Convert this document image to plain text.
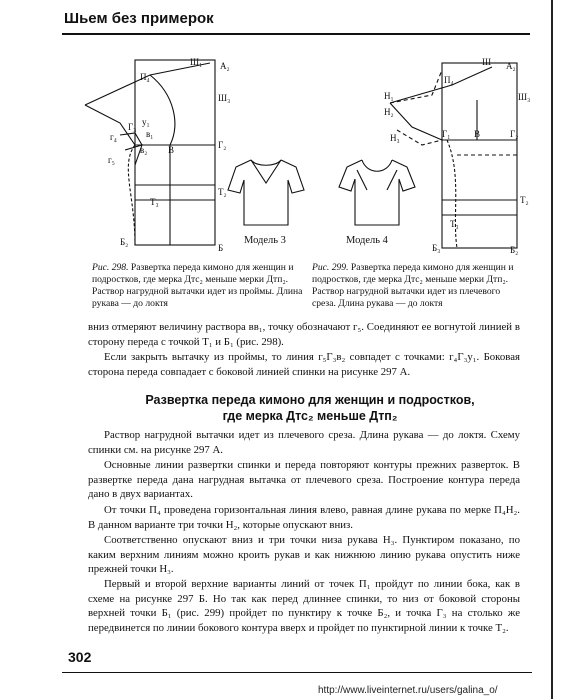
Шьем без примерок
Ш₁ А₂
П₄
Ш₃
Г₃
г₄
у₁
в₁
в₂ В
г₅
Г₂
Т₂
Т₃
Б₂
Б
Модель 3	Модель 4
Ш А₂
Ш₃
Н₁
Н₂
Н₃
П₄
Г₁	В	Г₂
Т₂
Т₃
Б₃	Б₂
Рис. 298. Развертка переда кимоно для женщин и подростков, где мерка Дтс₂ меньше мерки Дтп₂. Раствор нагрудной вытачки идет из проймы. Длина рукава — до локтя
Рис. 299. Развертка переда кимоно для женщин и подростков, где мерка Дтс₂ меньше мерки Дтп₂. Раствор нагрудной вытачки идет из плечевого среза. Длина рукава — до локтя

вниз отмеряют величину раствора вв₁, точку обозначают г₅. Соединяют ее вогнутой линией в сторону переда с точкой Т₁ и Б₁ (рис. 298).

Если закрыть вытачку из проймы, то линия г₅Г₃в₂ совпадет с точками: г₄Г₃у₁. Боковая сторона переда совпадает с боковой линией спинки на рисунке 297 А.

Развертка переда кимоно для женщин и подростков,
где мерка Дтс₂ меньше Дтп₂

Раствор нагрудной вытачки идет из плечевого среза. Длина рукава — до локтя. Схему спинки см. на рисунке 297 А.

Основные линии развертки спинки и переда повторяют контуры прежних разверток. В развертке переда дана нагрудная вытачка от плечевого среза. Построение контура переда дано в двух вариантах.

От точки П₄ проведена горизонтальная линия влево, равная длине рукава по мерке П₄Н₂. В данном варианте три точки Н₂, которые опускают вниз.

Соответственно опускают вниз и три точки низа рукава Н₃. Пунктиром показано, по каким верхним линиям можно кроить рукав и как нижнюю линию рукава опустить ниже прежней точки Н₃.

Первый и второй верхние варианты линий от точек П₁ пройдут по линии бока, как в схеме на рисунке 297 Б. Но так как перед длиннее спинки, то низ от боковой стороны верхней точки Б₁ (рис. 299) пройдет по пунктиру к точке Б₂, и точка Г₃ на столько же передвинется по линии бокового контура вверх и пройдет по пунктирной линии к точке Т₂.

302
http://www.liveinternet.ru/users/galina_o/
